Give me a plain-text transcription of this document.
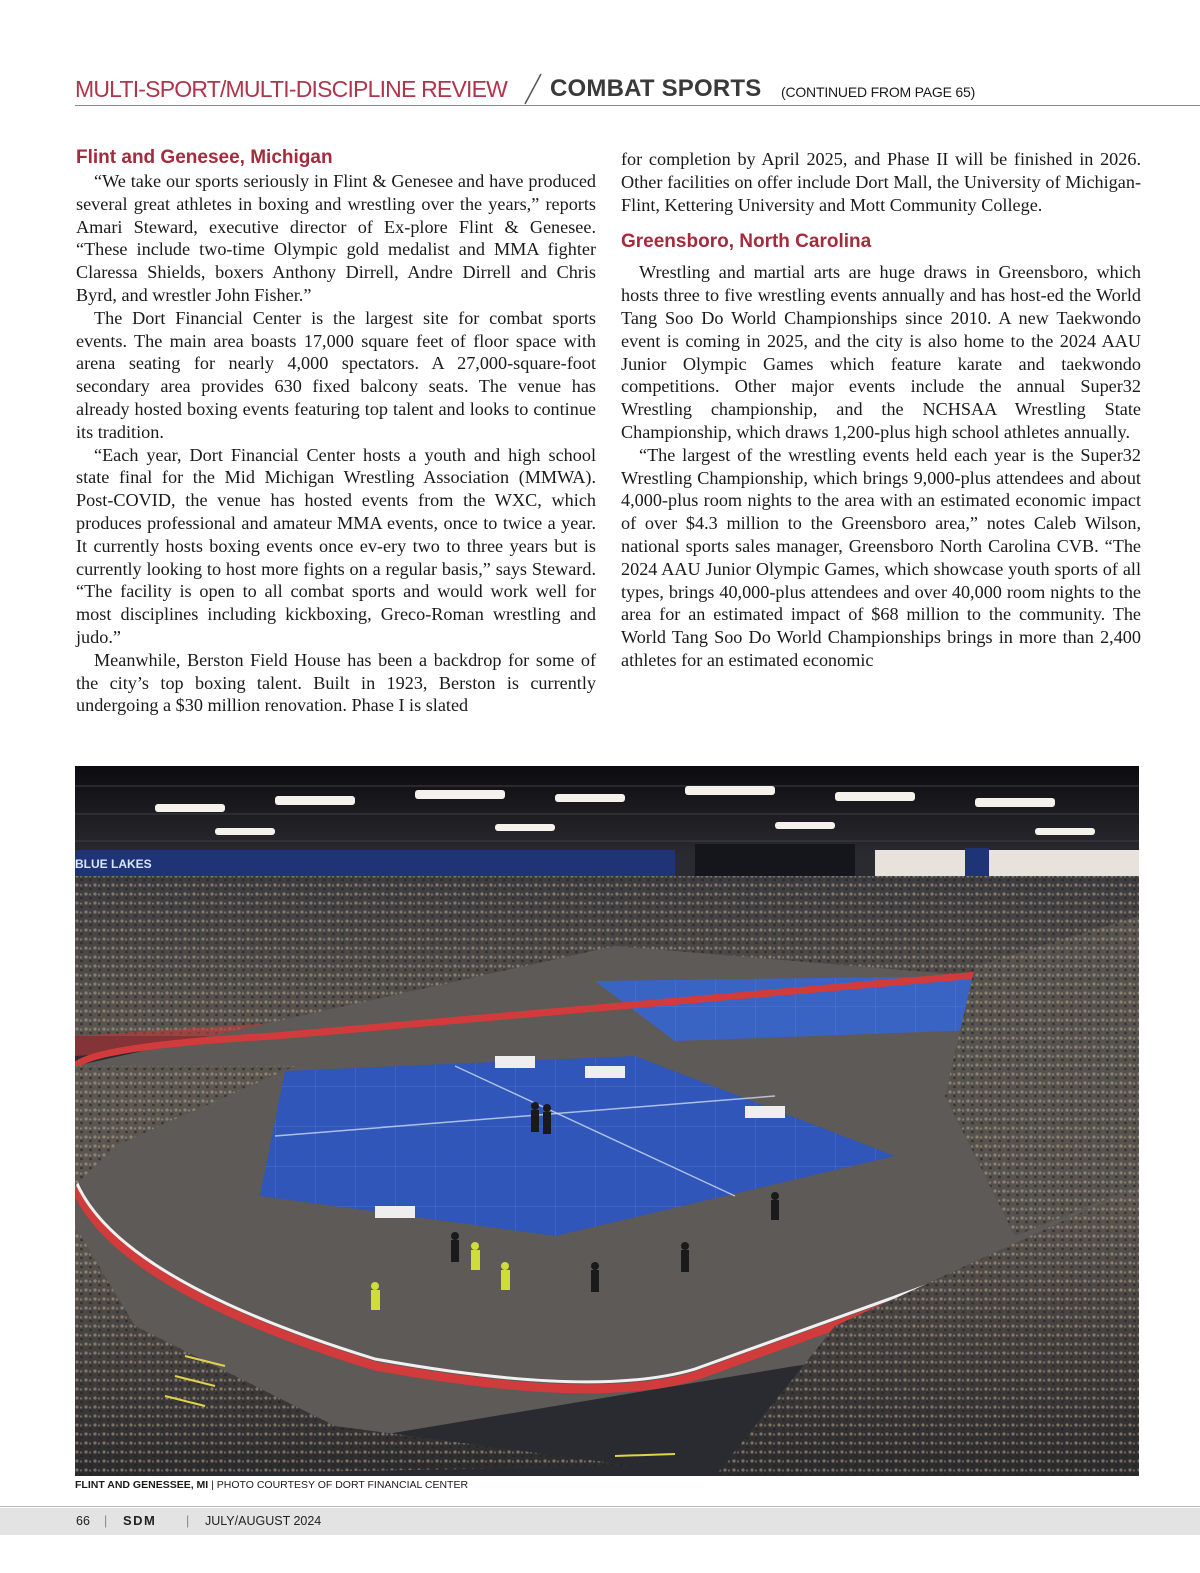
MULTI-SPORT/MULTI-DISCIPLINE REVIEW COMBAT SPORTS (CONTINUED FROM PAGE 65)
Flint and Genesee, Michigan

“We take our sports seriously in Flint & Genesee and have produced several great athletes in boxing and wrestling over the years,” reports Amari Steward, executive director of Ex-plore Flint & Genesee. “These include two-time Olympic gold medalist and MMA fighter Claressa Shields, boxers Anthony Dirrell, Andre Dirrell and Chris Byrd, and wrestler John Fisher.”

The Dort Financial Center is the largest site for combat sports events. The main area boasts 17,000 square feet of floor space with arena seating for nearly 4,000 spectators. A 27,000-square-foot secondary area provides 630 fixed balcony seats. The venue has already hosted boxing events featuring top talent and looks to continue its tradition.

“Each year, Dort Financial Center hosts a youth and high school state final for the Mid Michigan Wrestling Association (MMWA). Post-COVID, the venue has hosted events from the WXC, which produces professional and amateur MMA events, once to twice a year. It currently hosts boxing events once ev-ery two to three years but is currently looking to host more fights on a regular basis,” says Steward. “The facility is open to all combat sports and would work well for most disciplines including kickboxing, Greco-Roman wrestling and judo.”

Meanwhile, Berston Field House has been a backdrop for some of the city’s top boxing talent. Built in 1923, Berston is currently undergoing a $30 million renovation. Phase I is slated

for completion by April 2025, and Phase II will be finished in 2026. Other facilities on offer include Dort Mall, the University of Michigan-Flint, Kettering University and Mott Community College.

Greensboro, North Carolina

Wrestling and martial arts are huge draws in Greensboro, which hosts three to five wrestling events annually and has host-ed the World Tang Soo Do World Championships since 2010. A new Taekwondo event is coming in 2025, and the city is also home to the 2024 AAU Junior Olympic Games which feature karate and taekwondo competitions. Other major events include the annual Super32 Wrestling championship, and the NCHSAA Wrestling State Championship, which draws 1,200-plus high school athletes annually.

“The largest of the wrestling events held each year is the Super32 Wrestling Championship, which brings 9,000-plus attendees and about 4,000-plus room nights to the area with an estimated economic impact of over $4.3 million to the Greensboro area,” notes Caleb Wilson, national sports sales manager, Greensboro North Carolina CVB. “The 2024 AAU Junior Olympic Games, which showcase youth sports of all types, brings 40,000-plus attendees and over 40,000 room nights to the area for an estimated impact of $68 million to the community. The World Tang Soo Do World Championships brings in more than 2,400 athletes for an estimated economic

BLUE LAKES
FLINT AND GENESSEE, MI | PHOTO COURTESY OF DORT FINANCIAL CENTER
66 | SDM | JULY/AUGUST 2024
